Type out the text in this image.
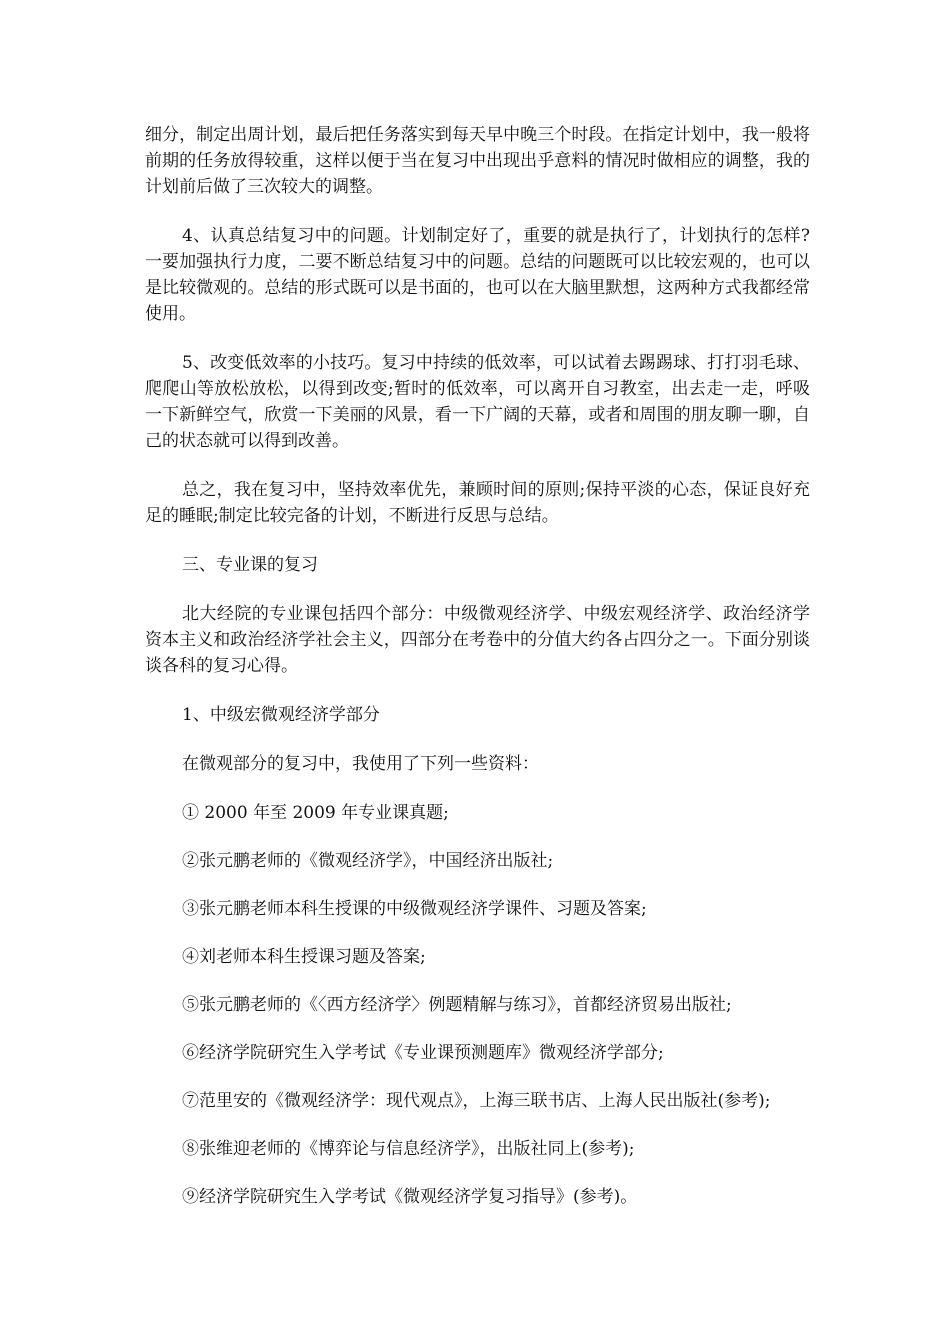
细分，制定出周计划，最后把任务落实到每天早中晚三个时段。在指定计划中，我一般将前期的任务放得较重，这样以便于当在复习中出现出乎意料的情况时做相应的调整，我的计划前后做了三次较大的调整。

4、认真总结复习中的问题。计划制定好了，重要的就是执行了，计划执行的怎样?一要加强执行力度，二要不断总结复习中的问题。总结的问题既可以比较宏观的，也可以是比较微观的。总结的形式既可以是书面的，也可以在大脑里默想，这两种方式我都经常使用。

5、改变低效率的小技巧。复习中持续的低效率，可以试着去踢踢球、打打羽毛球、爬爬山等放松放松，以得到改变;暂时的低效率，可以离开自习教室，出去走一走，呼吸一下新鲜空气，欣赏一下美丽的风景，看一下广阔的天幕，或者和周围的朋友聊一聊，自己的状态就可以得到改善。

总之，我在复习中，坚持效率优先，兼顾时间的原则;保持平淡的心态，保证良好充足的睡眠;制定比较完备的计划，不断进行反思与总结。

三、专业课的复习

北大经院的专业课包括四个部分：中级微观经济学、中级宏观经济学、政治经济学资本主义和政治经济学社会主义，四部分在考卷中的分值大约各占四分之一。下面分别谈谈各科的复习心得。

1、中级宏微观经济学部分

在微观部分的复习中，我使用了下列一些资料：

① 2000 年至 2009 年专业课真题;

②张元鹏老师的《微观经济学》，中国经济出版社;

③张元鹏老师本科生授课的中级微观经济学课件、习题及答案;

④刘老师本科生授课习题及答案;

⑤张元鹏老师的《〈西方经济学〉例题精解与练习》，首都经济贸易出版社;

⑥经济学院研究生入学考试《专业课预测题库》微观经济学部分;

⑦范里安的《微观经济学：现代观点》，上海三联书店、上海人民出版社(参考);

⑧张维迎老师的《博弈论与信息经济学》，出版社同上(参考);

⑨经济学院研究生入学考试《微观经济学复习指导》(参考)。
